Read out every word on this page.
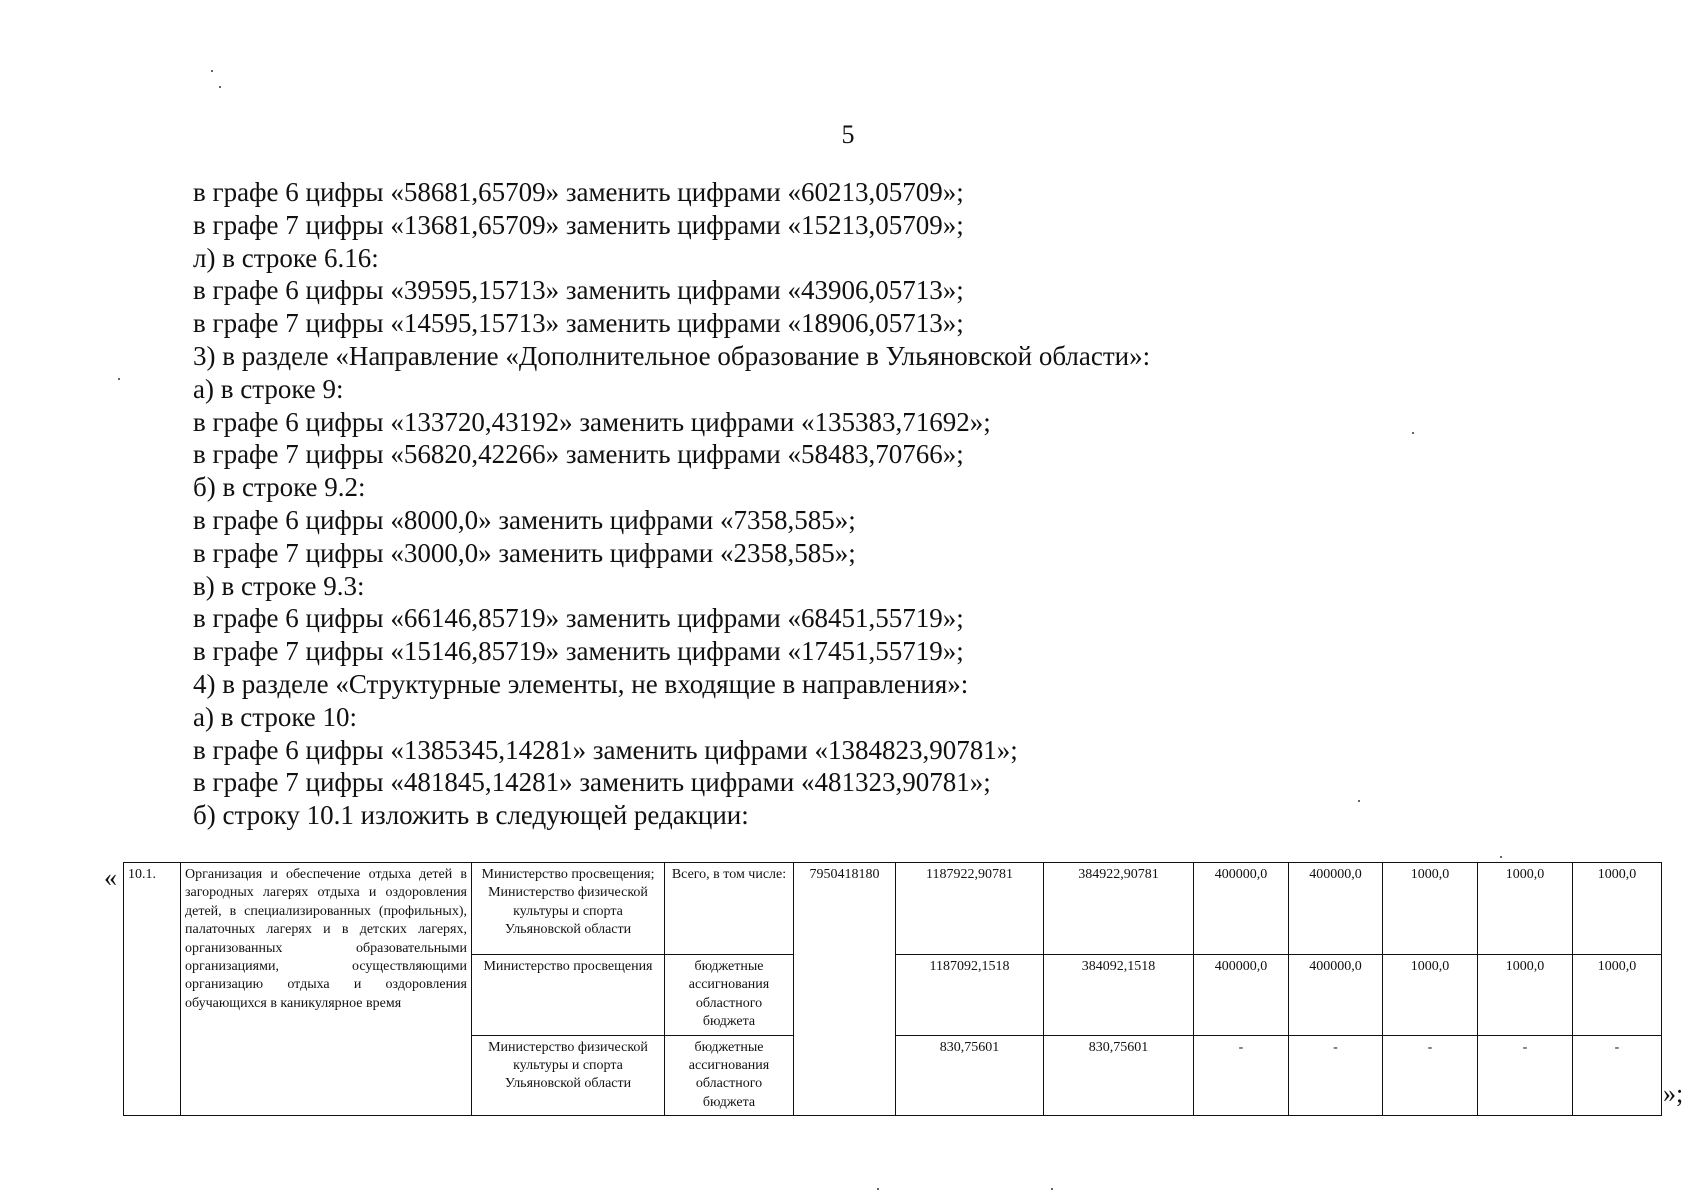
5
в графе 6 цифры «58681,65709» заменить цифрами «60213,05709»;
в графе 7 цифры «13681,65709» заменить цифрами «15213,05709»;
л) в строке 6.16:
в графе 6 цифры «39595,15713» заменить цифрами «43906,05713»;
в графе 7 цифры «14595,15713» заменить цифрами «18906,05713»;
3) в разделе «Направление «Дополнительное образование в Ульяновской области»:
а) в строке 9:
в графе 6 цифры «133720,43192» заменить цифрами «135383,71692»;
в графе 7 цифры «56820,42266» заменить цифрами «58483,70766»;
б) в строке 9.2:
в графе 6 цифры «8000,0» заменить цифрами «7358,585»;
в графе 7 цифры «3000,0» заменить цифрами «2358,585»;
в) в строке 9.3:
в графе 6 цифры «66146,85719» заменить цифрами «68451,55719»;
в графе 7 цифры «15146,85719» заменить цифрами «17451,55719»;
4) в разделе «Структурные элементы, не входящие в направления»:
а) в строке 10:
в графе 6 цифры «1385345,14281» заменить цифрами «1384823,90781»;
в графе 7 цифры «481845,14281» заменить цифрами «481323,90781»;
б) строку 10.1 изложить в следующей редакции:
« 10.1.	Организация и обеспечение отдыха детей в загородных лагерях отдыха и оздоровления детей, в специализированных (профильных), палаточных лагерях и в детских лагерях, организованных образовательными организациями, осуществляющими организацию отдыха и оздоровления обучающихся в каникулярное время	Министерство просвещения; Министерство физической культуры и спорта Ульяновской области	Всего, в том числе:	7950418180	1187922,90781	384922,90781	400000,0	400000,0	1000,0	1000,0	1000,0
		Министерство просвещения	бюджетные ассигнования областного бюджета		1187092,1518	384092,1518	400000,0	400000,0	1000,0	1000,0	1000,0
		Министерство физической культуры и спорта Ульяновской области	бюджетные ассигнования областного бюджета		830,75601	830,75601	-	-	-	-	-
»;
